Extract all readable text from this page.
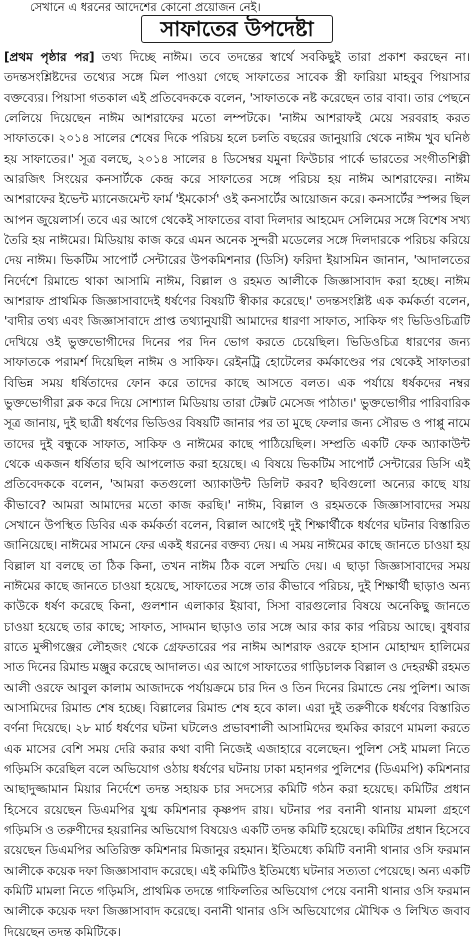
সেখানে এ ধরনের আদেশের কোনো প্রয়োজন নেই।
সাফাতের উপদেষ্টা
[প্রথম পৃষ্ঠার পর] তথ্য দিচ্ছে নাঈম। তবে তদন্তের স্বার্থে সবকিছুই তারা প্রকাশ করছেন না। তদন্তসংশ্লিষ্টদের তথ্যের সঙ্গে মিল পাওয়া গেছে সাফাতের সাবেক স্ত্রী ফারিয়া মাহবুব পিয়াসার বক্তব্যের। পিয়াসা গতকাল এই প্রতিবেদককে বলেন, 'সাফাতকে নষ্ট করেছেন তার বাবা। তার পেছনে লেলিয়ে দিয়েছেন নাঈম আশরাফের মতো লম্পটকে। 'নাঈম আশরাফই মেয়ে সরবরাহ করত সাফাতকে। ২০১৪ সালের শেষের দিকে পরিচয় হলে চলতি বছরের জানুয়ারি থেকে নাঈম খুব ঘনিষ্ঠ হয় সাফাতের।' সূত্র বলছে, ২০১৪ সালের ৪ ডিসেম্বর যমুনা ফিউচার পার্কে ভারতের সংগীতশিল্পী আরজিৎ সিংয়ের কনসার্টকে কেন্দ্র করে সাফাতের সঙ্গে পরিচয় হয় নাঈম আশরাফের। নাঈম আশরাফের ইভেন্ট ম্যানেজমেন্ট ফার্ম 'ইমকোর্স' ওই কনসার্টের আয়োজন করে। কনসার্টের স্পন্সর ছিল আপন জুয়েলার্স। তবে এর আগে থেকেই সাফাতের বাবা দিলদার আহমেদ সেলিমের সঙ্গে বিশেষ সখ্য তৈরি হয় নাঈমের। মিডিয়ায় কাজ করে এমন অনেক সুন্দরী মডেলের সঙ্গে দিলদারকে পরিচয় করিয়ে দেয় নাঈম। ভিকটিম সাপোর্ট সেন্টারের উপকমিশনার (ডিসি) ফরিদা ইয়াসমিন জানান, 'আদালতের নির্দেশে রিমান্ডে থাকা আসামি নাঈম, বিল্লাল ও রহমত আলীকে জিজ্ঞাসাবাদ করা হচ্ছে। নাঈম আশরাফ প্রাথমিক জিজ্ঞাসাবাদেই ধর্ষণের বিষয়টি স্বীকার করেছে।' তদন্তসংশ্লিষ্ট এক কর্মকর্তা বলেন, 'বাদীর তথ্য এবং জিজ্ঞাসাবাদে প্রাপ্ত তথ্যানুযায়ী আমাদের ধারণা সাফাত, সাকিফ গং ভিডিওচিত্রটি দেখিয়ে ওই ভুক্তভোগীদের দিনের পর দিন ভোগ করতে চেয়েছিল। ভিডিওচিত্র ধারণের জন্য সাফাতকে পরামর্শ দিয়েছিল নাঈম ও সাকিফ। রেইনট্রি হোটেলের কর্মকাণ্ডের পর থেকেই সাফাতরা বিভিন্ন সময় ধর্ষিতাদের ফোন করে তাদের কাছে আসতে বলত। এক পর্যায়ে ধর্ষকদের নম্বর ভুক্তভোগীরা ব্লক করে দিয়ে সোশ্যাল মিডিয়ায় তারা টেক্সট মেসেজ পাঠাত।' ভুক্তভোগীর পারিবারিক সূত্র জানায়, দুই ছাত্রী ধর্ষণের ভিডিওর বিষয়টি জানার পর তা মুছে ফেলার জন্য সৌরভ ও পাপ্পু নামে তাদের দুই বন্ধুকে সাফাত, সাকিফ ও নাঈমের কাছে পাঠিয়েছিল। সম্প্রতি একটি ফেক অ্যাকাউন্ট থেকে একজন ধর্ষিতার ছবি আপলোড করা হয়েছে। এ বিষয়ে ভিকটিম সাপোর্ট সেন্টারের ডিসি এই প্রতিবেদককে বলেন, 'আমরা কতগুলো অ্যাকাউন্ট ডিলিট করব? ছবিগুলো অন্যের কাছে যায় কীভাবে? আমরা আমাদের মতো কাজ করছি।' নাঈম, বিল্লাল ও রহমতকে জিজ্ঞাসাবাদের সময় সেখানে উপস্থিত ডিবির এক কর্মকর্তা বলেন, বিল্লাল আগেই দুই শিক্ষার্থীকে ধর্ষণের ঘটনার বিস্তারিত জানিয়েছে। নাঈমের সামনে ফের একই ধরনের বক্তব্য দেয়। এ সময় নাঈমের কাছে জানতে চাওয়া হয় বিল্লাল যা বলছে তা ঠিক কিনা, তখন নাঈম ঠিক বলে সম্মতি দেয়। এ ছাড়া জিজ্ঞাসাবাদের সময় নাঈমের কাছে জানতে চাওয়া হয়েছে, সাফাতের সঙ্গে তার কীভাবে পরিচয়, দুই শিক্ষার্থী ছাড়াও অন্য কাউকে ধর্ষণ করেছে কিনা, গুলশান এলাকার ইয়াবা, সিসা বারগুলোর বিষয়ে অনেকিছু জানতে চাওয়া হয়েছে তার কাছে; সাফাত, সাদমান ছাড়াও তার সঙ্গে আর কার কার পরিচয় আছে। বুধবার রাতে মুন্সীগঞ্জের লৌহজং থেকে গ্রেফতারের পর নাঈম আশরাফ ওরফে হাসান মোহাম্মদ হালিমের সাত দিনের রিমান্ড মঞ্জুর করেছে আদালত। এর আগে সাফাতের গাড়িচালক বিল্লাল ও দেহরক্ষী রহমত আলী ওরফে আবুল কালাম আজাদকে পর্যায়ক্রমে চার দিন ও তিন দিনের রিমান্ডে নেয় পুলিশ। আজ আসামিদের রিমান্ড শেষ হচ্ছে। বিল্লালের রিমান্ড শেষ হবে কাল। এরা দুই তরুণীকে ধর্ষণের বিস্তারিত বর্ণনা দিয়েছে। ২৮ মার্চ ধর্ষণের ঘটনা ঘটলেও প্রভাবশালী আসামিদের হুমকির কারণে মামলা করতে এক মাসের বেশি সময় দেরি করার কথা বাদী নিজেই এজাহারে বলেছেন। পুলিশ সেই মামলা নিতে গড়িমসি করেছিল বলে অভিযোগ ওঠায় ধর্ষণের ঘটনায় ঢাকা মহানগর পুলিশের (ডিএমপি) কমিশনার আছাদুজ্জামান মিয়ার নির্দেশে তদন্ত সহায়ক চার সদস্যের কমিটি গঠন করা হয়েছে। কমিটির প্রধান হিসেবে রয়েছেন ডিএমপির যুগ্ম কমিশনার কৃষ্ণপদ রায়। ঘটনার পর বনানী থানায় মামলা গ্রহণে গড়িমসি ও তরুণীদের হয়রানির অভিযোগ বিষয়েও একটি তদন্ত কমিটি হয়েছে। কমিটির প্রধান হিসেবে রয়েছেন ডিএমপির অতিরিক্ত কমিশনার মিজানুর রহমান। ইতিমধ্যে কমিটি বনানী থানার ওসি ফরমান আলীকে কয়েক দফা জিজ্ঞাসাবাদ করেছে। এই কমিটিও ইতিমধ্যে ঘটনার সত্যতা পেয়েছে। অন্য একটি কমিটি মামলা নিতে গড়িমসি, প্রাথমিক তদন্তে গাফিলতির অভিযোগ পেয়ে বনানী থানার ওসি ফরমান আলীকে কয়েক দফা জিজ্ঞাসাবাদ করেছে। বনানী থানার ওসি অভিযোগের মৌখিক ও লিখিত জবাব দিয়েছেন তদন্ত কমিটিকে।
